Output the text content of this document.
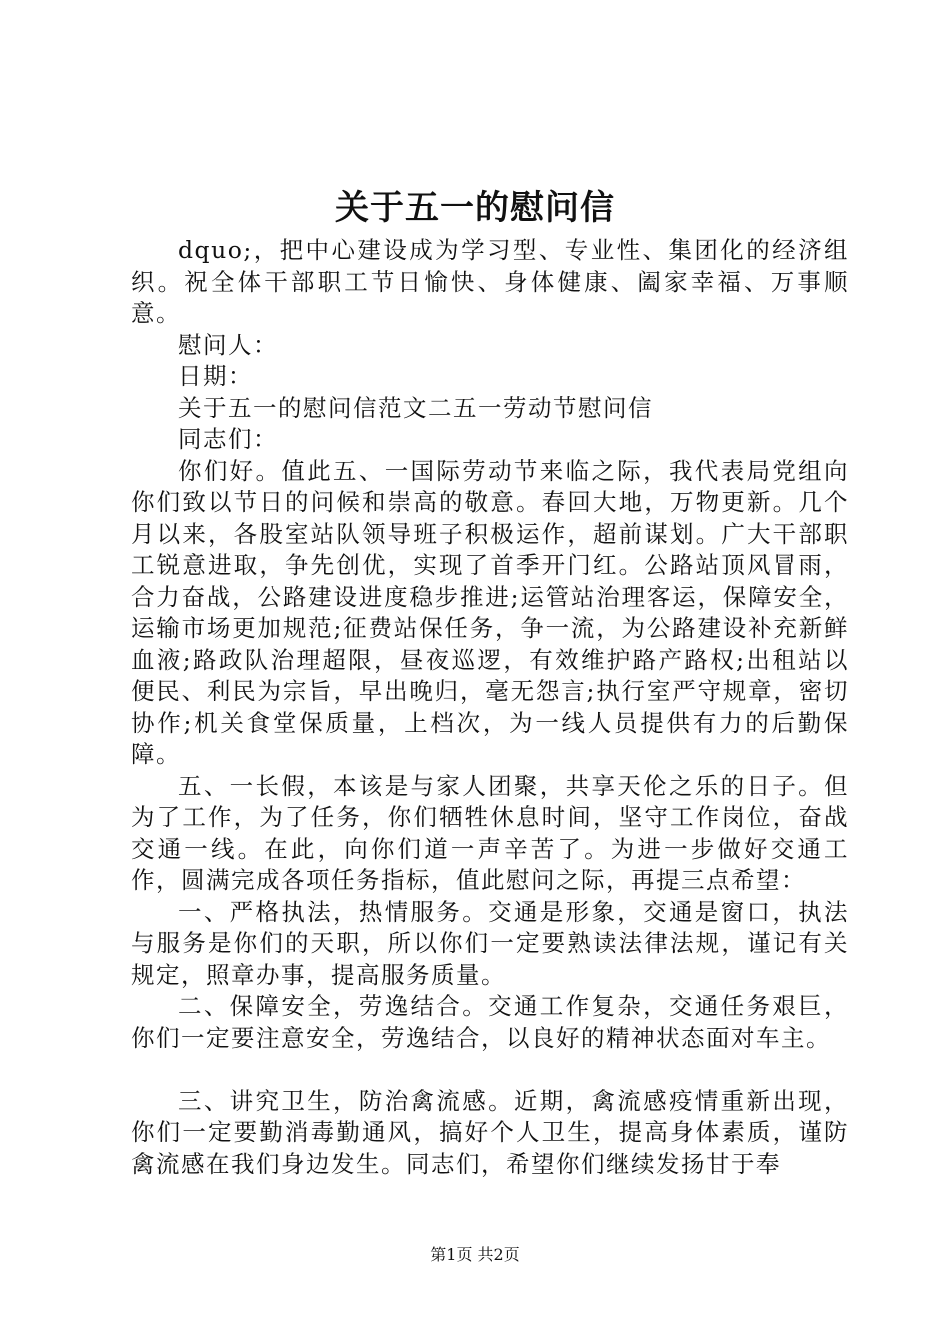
关于五一的慰问信

dquo;，把中心建设成为学习型、专业性、集团化的经济组织。祝全体干部职工节日愉快、身体健康、阖家幸福、万事顺意。

慰问人：

日期：

关于五一的慰问信范文二五一劳动节慰问信

同志们：

你们好。值此五、一国际劳动节来临之际，我代表局党组向你们致以节日的问候和崇高的敬意。春回大地，万物更新。几个月以来，各股室站队领导班子积极运作，超前谋划。广大干部职工锐意进取，争先创优，实现了首季开门红。公路站顶风冒雨，合力奋战，公路建设进度稳步推进;运管站治理客运，保障安全，运输市场更加规范;征费站保任务，争一流，为公路建设补充新鲜血液;路政队治理超限，昼夜巡逻，有效维护路产路权;出租站以便民、利民为宗旨，早出晚归，毫无怨言;执行室严守规章，密切协作;机关食堂保质量，上档次，为一线人员提供有力的后勤保障。

五、一长假，本该是与家人团聚，共享天伦之乐的日子。但为了工作，为了任务，你们牺牲休息时间，坚守工作岗位，奋战交通一线。在此，向你们道一声辛苦了。为进一步做好交通工作，圆满完成各项任务指标，值此慰问之际，再提三点希望：

一、严格执法，热情服务。交通是形象，交通是窗口，执法与服务是你们的天职，所以你们一定要熟读法律法规，谨记有关规定，照章办事，提高服务质量。

二、保障安全，劳逸结合。交通工作复杂，交通任务艰巨，你们一定要注意安全，劳逸结合，以良好的精神状态面对车主。

三、讲究卫生，防治禽流感。近期，禽流感疫情重新出现，你们一定要勤消毒勤通风，搞好个人卫生，提高身体素质，谨防禽流感在我们身边发生。同志们，希望你们继续发扬甘于奉

第1页 共2页
